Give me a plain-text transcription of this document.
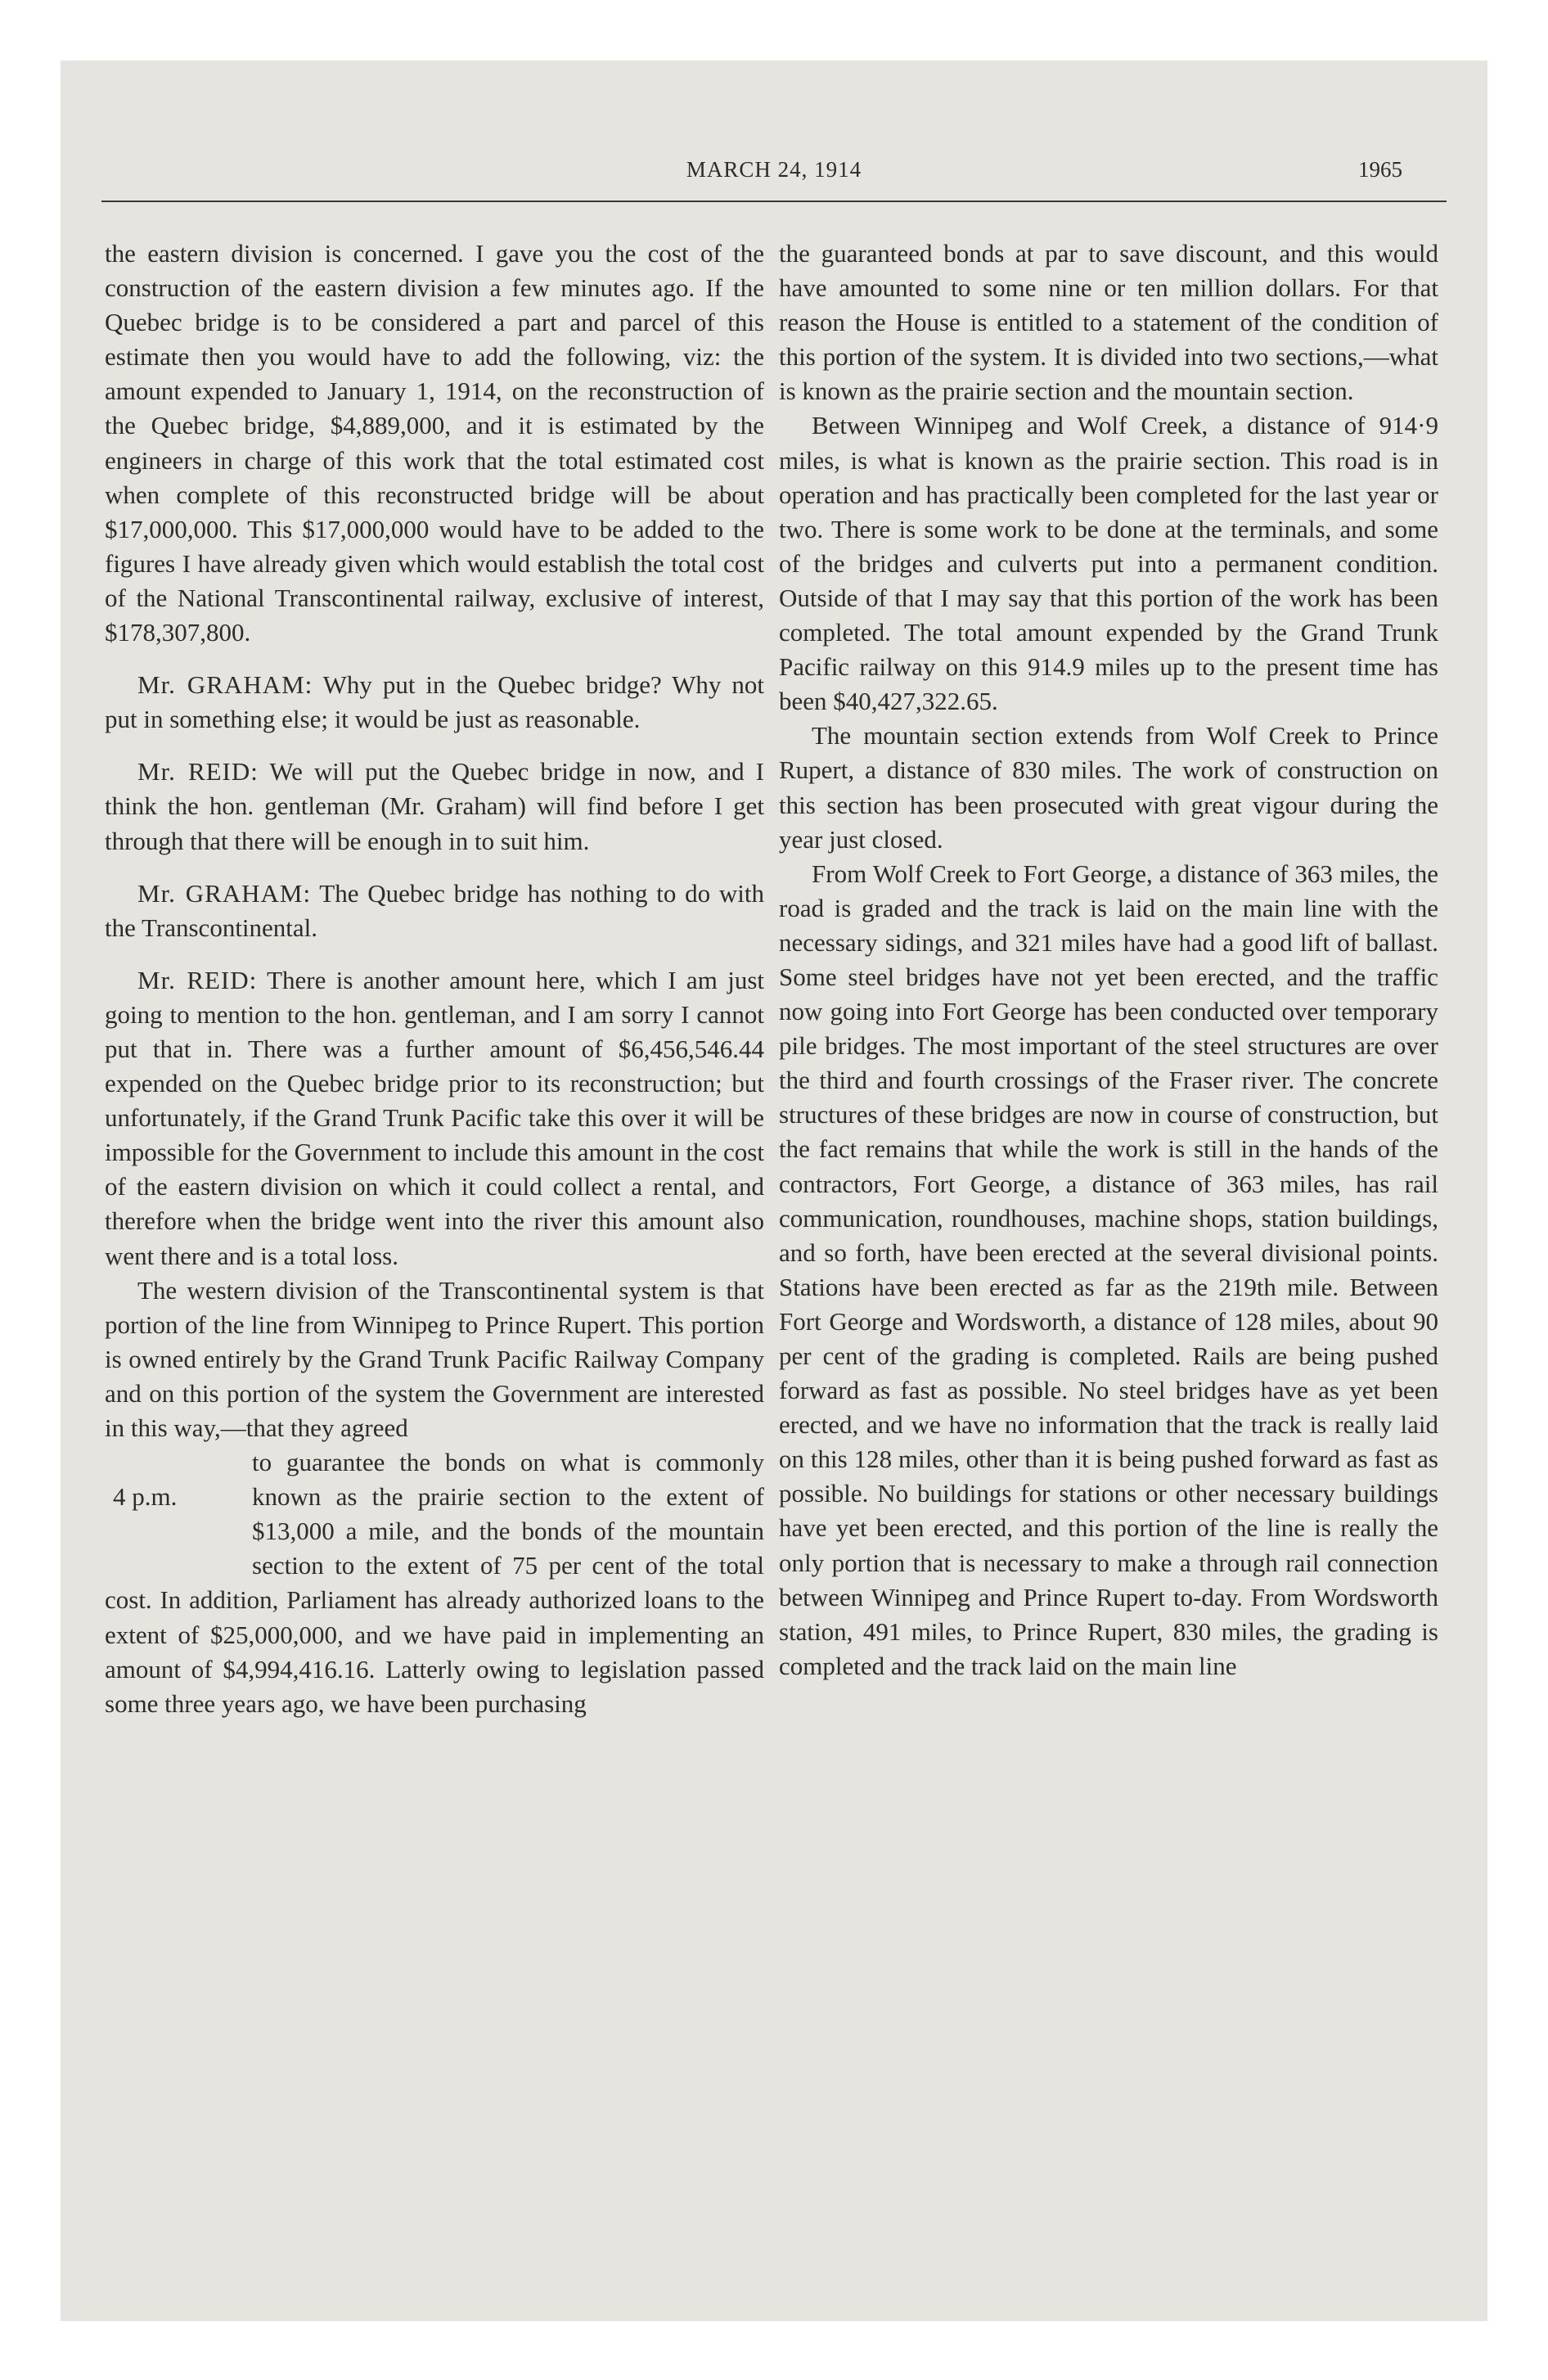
MARCH 24, 1914	1965

the eastern division is concerned. I gave you the cost of the construction of the eastern division a few minutes ago. If the Quebec bridge is to be considered a part and parcel of this estimate then you would have to add the following, viz: the amount expended to January 1, 1914, on the reconstruction of the Quebec bridge, $4,889,000, and it is estimated by the engineers in charge of this work that the total estimated cost when complete of this reconstructed bridge will be about $17,000,000. This $17,000,000 would have to be added to the figures I have already given which would establish the total cost of the National Transcontinental railway, exclusive of interest, $178,307,800.

Mr. GRAHAM: Why put in the Quebec bridge? Why not put in something else; it would be just as reasonable.

Mr. REID: We will put the Quebec bridge in now, and I think the hon. gentleman (Mr. Graham) will find before I get through that there will be enough in to suit him.

Mr. GRAHAM: The Quebec bridge has nothing to do with the Transcontinental.

Mr. REID: There is another amount here, which I am just going to mention to the hon. gentleman, and I am sorry I cannot put that in. There was a further amount of $6,456,546.44 expended on the Quebec bridge prior to its reconstruction; but unfortunately, if the Grand Trunk Pacific take this over it will be impossible for the Government to include this amount in the cost of the eastern division on which it could collect a rental, and therefore when the bridge went into the river this amount also went there and is a total loss.

The western division of the Transcontinental system is that portion of the line from Winnipeg to Prince Rupert. This portion is owned entirely by the Grand Trunk Pacific Railway Company and on this portion of the system the Government are interested in this way,—that they agreed

4 p.m.
to guarantee the bonds on what is commonly known as the prairie section to the extent of $13,000 a mile, and the bonds of the mountain section to the extent of 75 per cent of the total cost. In addition, Parliament has already authorized loans to the extent of $25,000,000, and we have paid in implementing an amount of $4,994,416.16. Latterly owing to legislation passed some three years ago, we have been purchasing

the guaranteed bonds at par to save discount, and this would have amounted to some nine or ten million dollars. For that reason the House is entitled to a statement of the condition of this portion of the system. It is divided into two sections,—what is known as the prairie section and the mountain section.

Between Winnipeg and Wolf Creek, a distance of 914·9 miles, is what is known as the prairie section. This road is in operation and has practically been completed for the last year or two. There is some work to be done at the terminals, and some of the bridges and culverts put into a permanent condition. Outside of that I may say that this portion of the work has been completed. The total amount expended by the Grand Trunk Pacific railway on this 914.9 miles up to the present time has been $40,427,322.65.

The mountain section extends from Wolf Creek to Prince Rupert, a distance of 830 miles. The work of construction on this section has been prosecuted with great vigour during the year just closed.

From Wolf Creek to Fort George, a distance of 363 miles, the road is graded and the track is laid on the main line with the necessary sidings, and 321 miles have had a good lift of ballast. Some steel bridges have not yet been erected, and the traffic now going into Fort George has been conducted over temporary pile bridges. The most important of the steel structures are over the third and fourth crossings of the Fraser river. The concrete structures of these bridges are now in course of construction, but the fact remains that while the work is still in the hands of the contractors, Fort George, a distance of 363 miles, has rail communication, roundhouses, machine shops, station buildings, and so forth, have been erected at the several divisional points. Stations have been erected as far as the 219th mile. Between Fort George and Wordsworth, a distance of 128 miles, about 90 per cent of the grading is completed. Rails are being pushed forward as fast as possible. No steel bridges have as yet been erected, and we have no information that the track is really laid on this 128 miles, other than it is being pushed forward as fast as possible. No buildings for stations or other necessary buildings have yet been erected, and this portion of the line is really the only portion that is necessary to make a through rail connection between Winnipeg and Prince Rupert to-day. From Wordsworth station, 491 miles, to Prince Rupert, 830 miles, the grading is completed and the track laid on the main line
